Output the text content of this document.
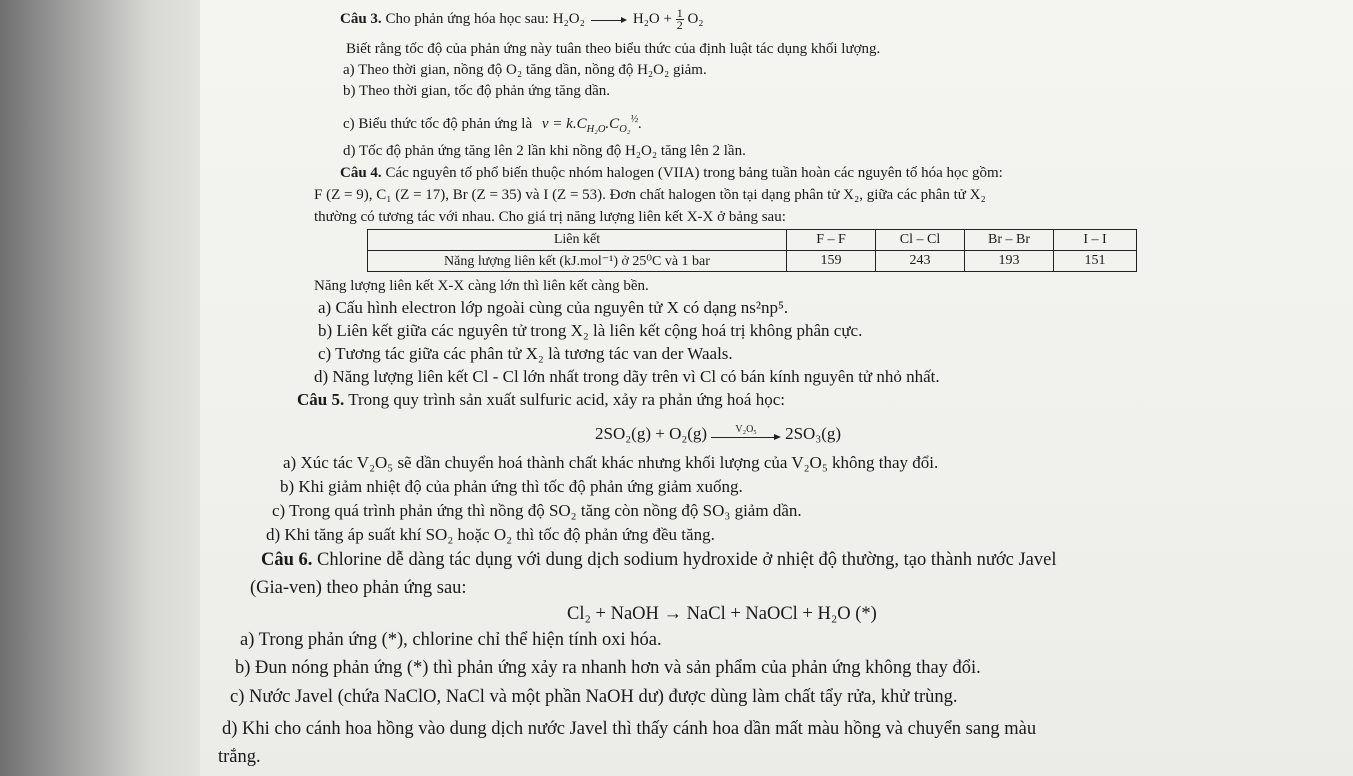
Câu 3. Cho phản ứng hóa học sau: H₂O₂	$H_2O + \frac{1}{2} O_2$
Biết rằng tốc độ của phản ứng này tuân theo biểu thức của định luật tác dụng khối lượng.
a) Theo thời gian, nồng độ O₂ tăng dần, nồng độ H₂O₂ giảm.
b) Theo thời gian, tốc độ phản ứng tăng dần.
c) Biểu thức tốc độ phản ứng là $v = k.C_{H_2O}.C_{O_2}^{\frac{1}{2}}$.
d) Tốc độ phản ứng tăng lên 2 lần khi nồng độ H₂O₂ tăng lên 2 lần.
Câu 4. Các nguyên tố phổ biến thuộc nhóm halogen (VIIA) trong bảng tuần hoàn các nguyên tố hóa học gồm:
F (Z = 9), C₁ (Z = 17), Br (Z = 35) và I (Z = 53). Đơn chất halogen tồn tại dạng phân tử X₂, giữa các phân tử X₂
thường có tương tác với nhau. Cho giá trị năng lượng liên kết X-X ở bảng sau:
Liên kết	F – F	Cl – Cl	Br – Br	I – I
Năng lượng liên kết (kJ.mol⁻¹) ở 25⁰C và 1 bar	159	243	193	151
Năng lượng liên kết X-X càng lớn thì liên kết càng bền.
a) Cấu hình electron lớp ngoài cùng của nguyên tử X có dạng ns²np⁵.
b) Liên kết giữa các nguyên tử trong X₂ là liên kết cộng hoá trị không phân cực.
c) Tương tác giữa các phân tử X₂ là tương tác van der Waals.
d) Năng lượng liên kết Cl - Cl lớn nhất trong dãy trên vì Cl có bán kính nguyên tử nhỏ nhất.
Câu 5. Trong quy trình sản xuất sulfuric acid, xảy ra phản ứng hoá học:
2SO₂(g) + O₂(g)	V₂O₅	2SO₃(g)
a) Xúc tác V₂O₅ sẽ dần chuyển hoá thành chất khác nhưng khối lượng của V₂O₅ không thay đổi.
b) Khi giảm nhiệt độ của phản ứng thì tốc độ phản ứng giảm xuống.
c) Trong quá trình phản ứng thì nồng độ SO₂ tăng còn nồng độ SO₃ giảm dần.
d) Khi tăng áp suất khí SO₂ hoặc O₂ thì tốc độ phản ứng đều tăng.
Câu 6. Chlorine dễ dàng tác dụng với dung dịch sodium hydroxide ở nhiệt độ thường, tạo thành nước Javel
(Gia-ven) theo phản ứng sau:
Cl₂ + NaOH → NaCl + NaOCl + H₂O (*)
a) Trong phản ứng (*), chlorine chỉ thể hiện tính oxi hóa.
b) Đun nóng phản ứng (*) thì phản ứng xảy ra nhanh hơn và sản phẩm của phản ứng không thay đổi.
c) Nước Javel (chứa NaClO, NaCl và một phần NaOH dư) được dùng làm chất tẩy rửa, khử trùng.
d) Khi cho cánh hoa hồng vào dung dịch nước Javel thì thấy cánh hoa dần mất màu hồng và chuyển sang màu
trắng.
